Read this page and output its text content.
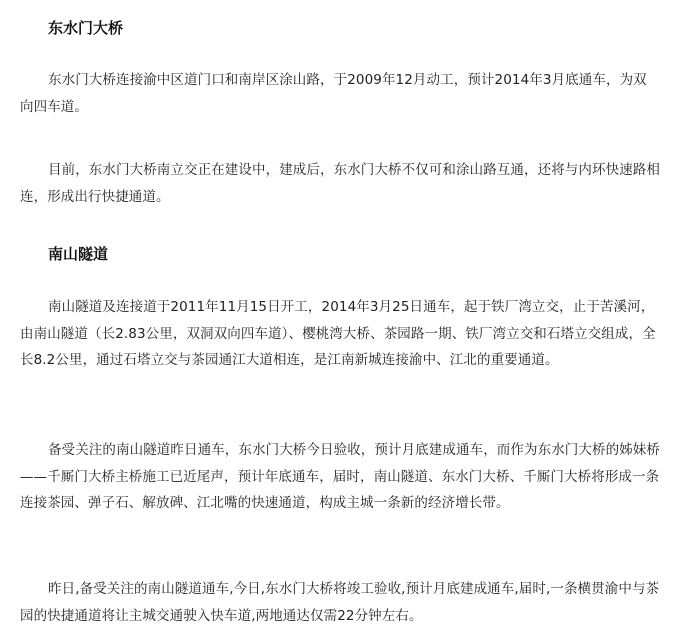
东水门大桥

东水门大桥连接渝中区道门口和南岸区涂山路，于2009年12月动工，预计2014年3月底通车，为双向四车道。

目前，东水门大桥南立交正在建设中，建成后，东水门大桥不仅可和涂山路互通，还将与内环快速路相连，形成出行快捷通道。

南山隧道

南山隧道及连接道于2011年11月15日开工，2014年3月25日通车，起于铁厂湾立交，止于苦溪河，由南山隧道（长2.83公里，双洞双向四车道）、樱桃湾大桥、茶园路一期、铁厂湾立交和石塔立交组成，全长8.2公里，通过石塔立交与茶园通江大道相连，是江南新城连接渝中、江北的重要通道。

备受关注的南山隧道昨日通车，东水门大桥今日验收，预计月底建成通车，而作为东水门大桥的姊妹桥——千厮门大桥主桥施工已近尾声，预计年底通车，届时，南山隧道、东水门大桥、千厮门大桥将形成一条连接茶园、弹子石、解放碑、江北嘴的快速通道，构成主城一条新的经济增长带。

昨日,备受关注的南山隧道通车,今日,东水门大桥将竣工验收,预计月底建成通车,届时,一条横贯渝中与茶园的快捷通道将让主城交通驶入快车道,两地通达仅需22分钟左右。
